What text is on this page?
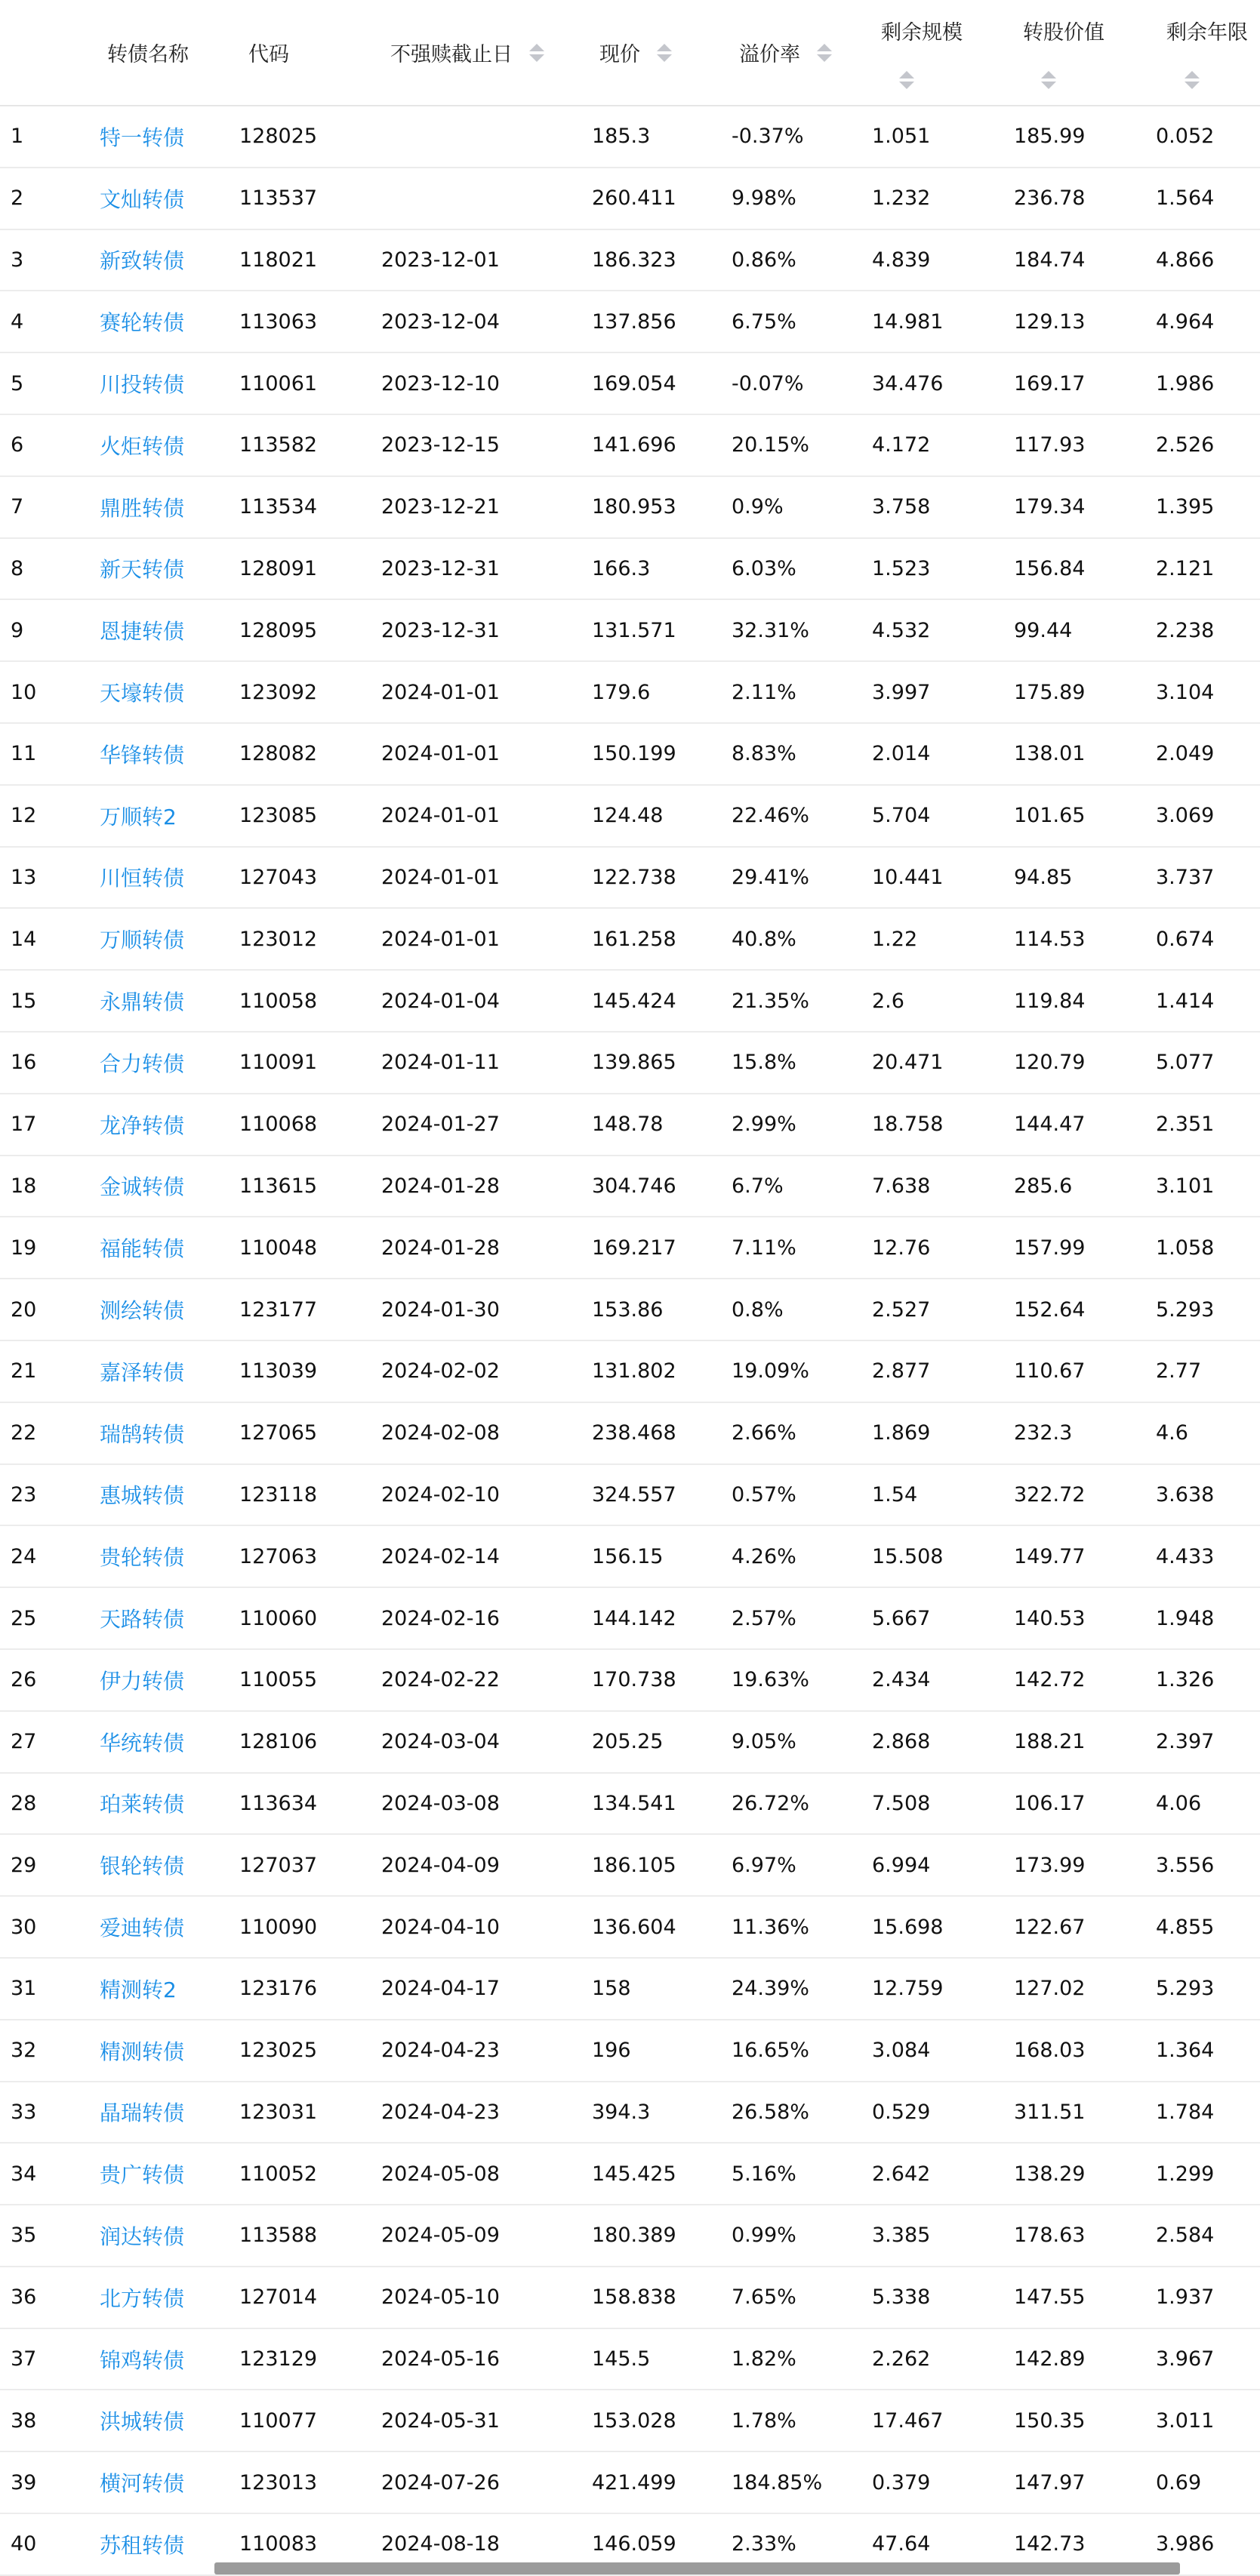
	转债名称	代码	不强赎截止日	现价	溢价率	剩余规模	转股价值	剩余年限

1	特一转债	128025		185.3	-0.37%	1.051	185.99	0.052
2	文灿转债	113537		260.411	9.98%	1.232	236.78	1.564
3	新致转债	118021	2023-12-01	186.323	0.86%	4.839	184.74	4.866
4	赛轮转债	113063	2023-12-04	137.856	6.75%	14.981	129.13	4.964
5	川投转债	110061	2023-12-10	169.054	-0.07%	34.476	169.17	1.986
6	火炬转债	113582	2023-12-15	141.696	20.15%	4.172	117.93	2.526
7	鼎胜转债	113534	2023-12-21	180.953	0.9%	3.758	179.34	1.395
8	新天转债	128091	2023-12-31	166.3	6.03%	1.523	156.84	2.121
9	恩捷转债	128095	2023-12-31	131.571	32.31%	4.532	99.44	2.238
10	天壕转债	123092	2024-01-01	179.6	2.11%	3.997	175.89	3.104
11	华锋转债	128082	2024-01-01	150.199	8.83%	2.014	138.01	2.049
12	万顺转2	123085	2024-01-01	124.48	22.46%	5.704	101.65	3.069
13	川恒转债	127043	2024-01-01	122.738	29.41%	10.441	94.85	3.737
14	万顺转债	123012	2024-01-01	161.258	40.8%	1.22	114.53	0.674
15	永鼎转债	110058	2024-01-04	145.424	21.35%	2.6	119.84	1.414
16	合力转债	110091	2024-01-11	139.865	15.8%	20.471	120.79	5.077
17	龙净转债	110068	2024-01-27	148.78	2.99%	18.758	144.47	2.351
18	金诚转债	113615	2024-01-28	304.746	6.7%	7.638	285.6	3.101
19	福能转债	110048	2024-01-28	169.217	7.11%	12.76	157.99	1.058
20	测绘转债	123177	2024-01-30	153.86	0.8%	2.527	152.64	5.293
21	嘉泽转债	113039	2024-02-02	131.802	19.09%	2.877	110.67	2.77
22	瑞鹄转债	127065	2024-02-08	238.468	2.66%	1.869	232.3	4.6
23	惠城转债	123118	2024-02-10	324.557	0.57%	1.54	322.72	3.638
24	贵轮转债	127063	2024-02-14	156.15	4.26%	15.508	149.77	4.433
25	天路转债	110060	2024-02-16	144.142	2.57%	5.667	140.53	1.948
26	伊力转债	110055	2024-02-22	170.738	19.63%	2.434	142.72	1.326
27	华统转债	128106	2024-03-04	205.25	9.05%	2.868	188.21	2.397
28	珀莱转债	113634	2024-03-08	134.541	26.72%	7.508	106.17	4.06
29	银轮转债	127037	2024-04-09	186.105	6.97%	6.994	173.99	3.556
30	爱迪转债	110090	2024-04-10	136.604	11.36%	15.698	122.67	4.855
31	精测转2	123176	2024-04-17	158	24.39%	12.759	127.02	5.293
32	精测转债	123025	2024-04-23	196	16.65%	3.084	168.03	1.364
33	晶瑞转债	123031	2024-04-23	394.3	26.58%	0.529	311.51	1.784
34	贵广转债	110052	2024-05-08	145.425	5.16%	2.642	138.29	1.299
35	润达转债	113588	2024-05-09	180.389	0.99%	3.385	178.63	2.584
36	北方转债	127014	2024-05-10	158.838	7.65%	5.338	147.55	1.937
37	锦鸡转债	123129	2024-05-16	145.5	1.82%	2.262	142.89	3.967
38	洪城转债	110077	2024-05-31	153.028	1.78%	17.467	150.35	3.011
39	横河转债	123013	2024-07-26	421.499	184.85%	0.379	147.97	0.69
40	苏租转债	110083	2024-08-18	146.059	2.33%	47.64	142.73	3.986
